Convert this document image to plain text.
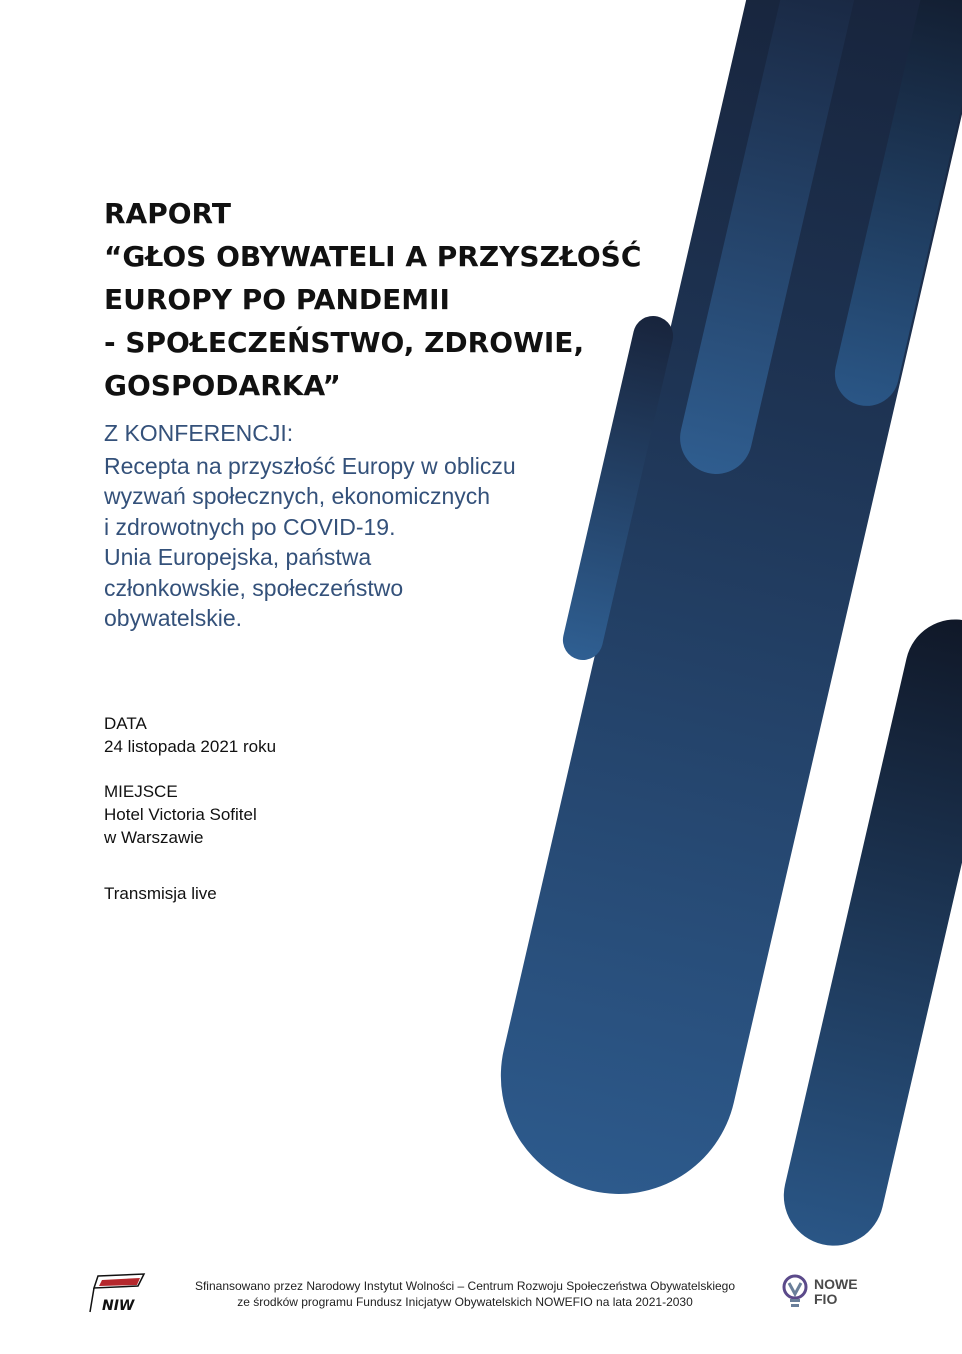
RAPORT
“GŁOS OBYWATELI A PRZYSZŁOŚĆ
EUROPY PO PANDEMII
- SPOŁECZEŃSTWO, ZDROWIE,
GOSPODARKA”
Z KONFERENCJI:
Recepta na przyszłość Europy w obliczu
wyzwań społecznych, ekonomicznych
i zdrowotnych po COVID-19.
Unia Europejska, państwa
członkowskie, społeczeństwo
obywatelskie.
DATA
24 listopada 2021 roku
MIEJSCE
Hotel Victoria Sofitel
w Warszawie
Transmisja live
NIW
Sfinansowano przez Narodowy Instytut Wolności – Centrum Rozwoju Społeczeństwa Obywatelskiego
ze środków programu Fundusz Inicjatyw Obywatelskich NOWEFIO na lata 2021-2030
NOWE
FIO
